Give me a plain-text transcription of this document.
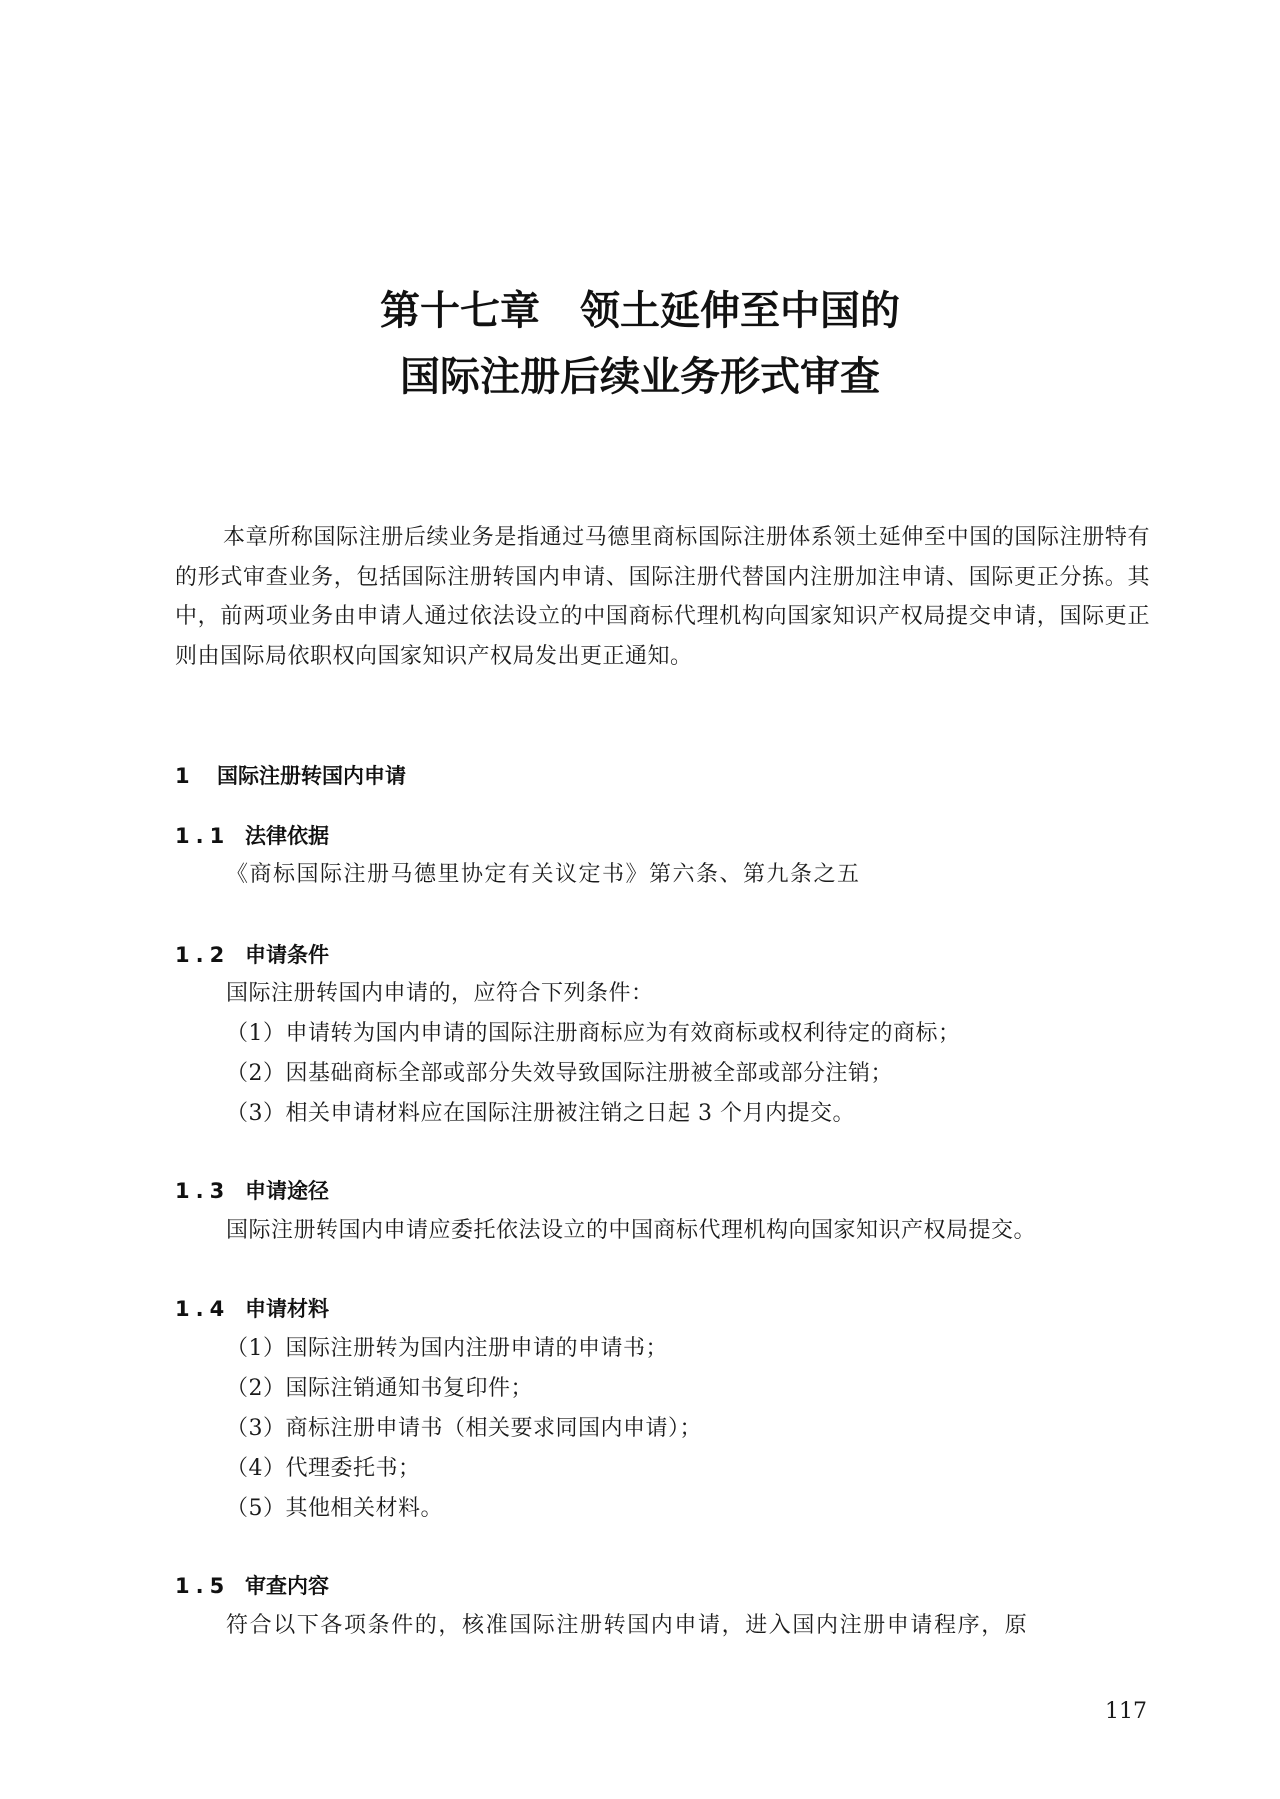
第十七章 领土延伸至中国的
国际注册后续业务形式审查

本章所称国际注册后续业务是指通过马德里商标国际注册体系领土延伸至中国的国际注册特有的形式审查业务，包括国际注册转国内申请、国际注册代替国内注册加注申请、国际更正分拣。其中，前两项业务由申请人通过依法设立的中国商标代理机构向国家知识产权局提交申请，国际更正则由国际局依职权向国家知识产权局发出更正通知。

1 国际注册转国内申请
1.1 法律依据
《商标国际注册马德里协定有关议定书》第六条、第九条之五
1.2 申请条件
国际注册转国内申请的，应符合下列条件：
（1）申请转为国内申请的国际注册商标应为有效商标或权利待定的商标；
（2）因基础商标全部或部分失效导致国际注册被全部或部分注销；
（3）相关申请材料应在国际注册被注销之日起 3 个月内提交。
1.3 申请途径
国际注册转国内申请应委托依法设立的中国商标代理机构向国家知识产权局提交。
1.4 申请材料
（1）国际注册转为国内注册申请的申请书；
（2）国际注销通知书复印件；
（3）商标注册申请书（相关要求同国内申请）；
（4）代理委托书；
（5）其他相关材料。
1.5 审查内容
符合以下各项条件的，核准国际注册转国内申请，进入国内注册申请程序，原
117
